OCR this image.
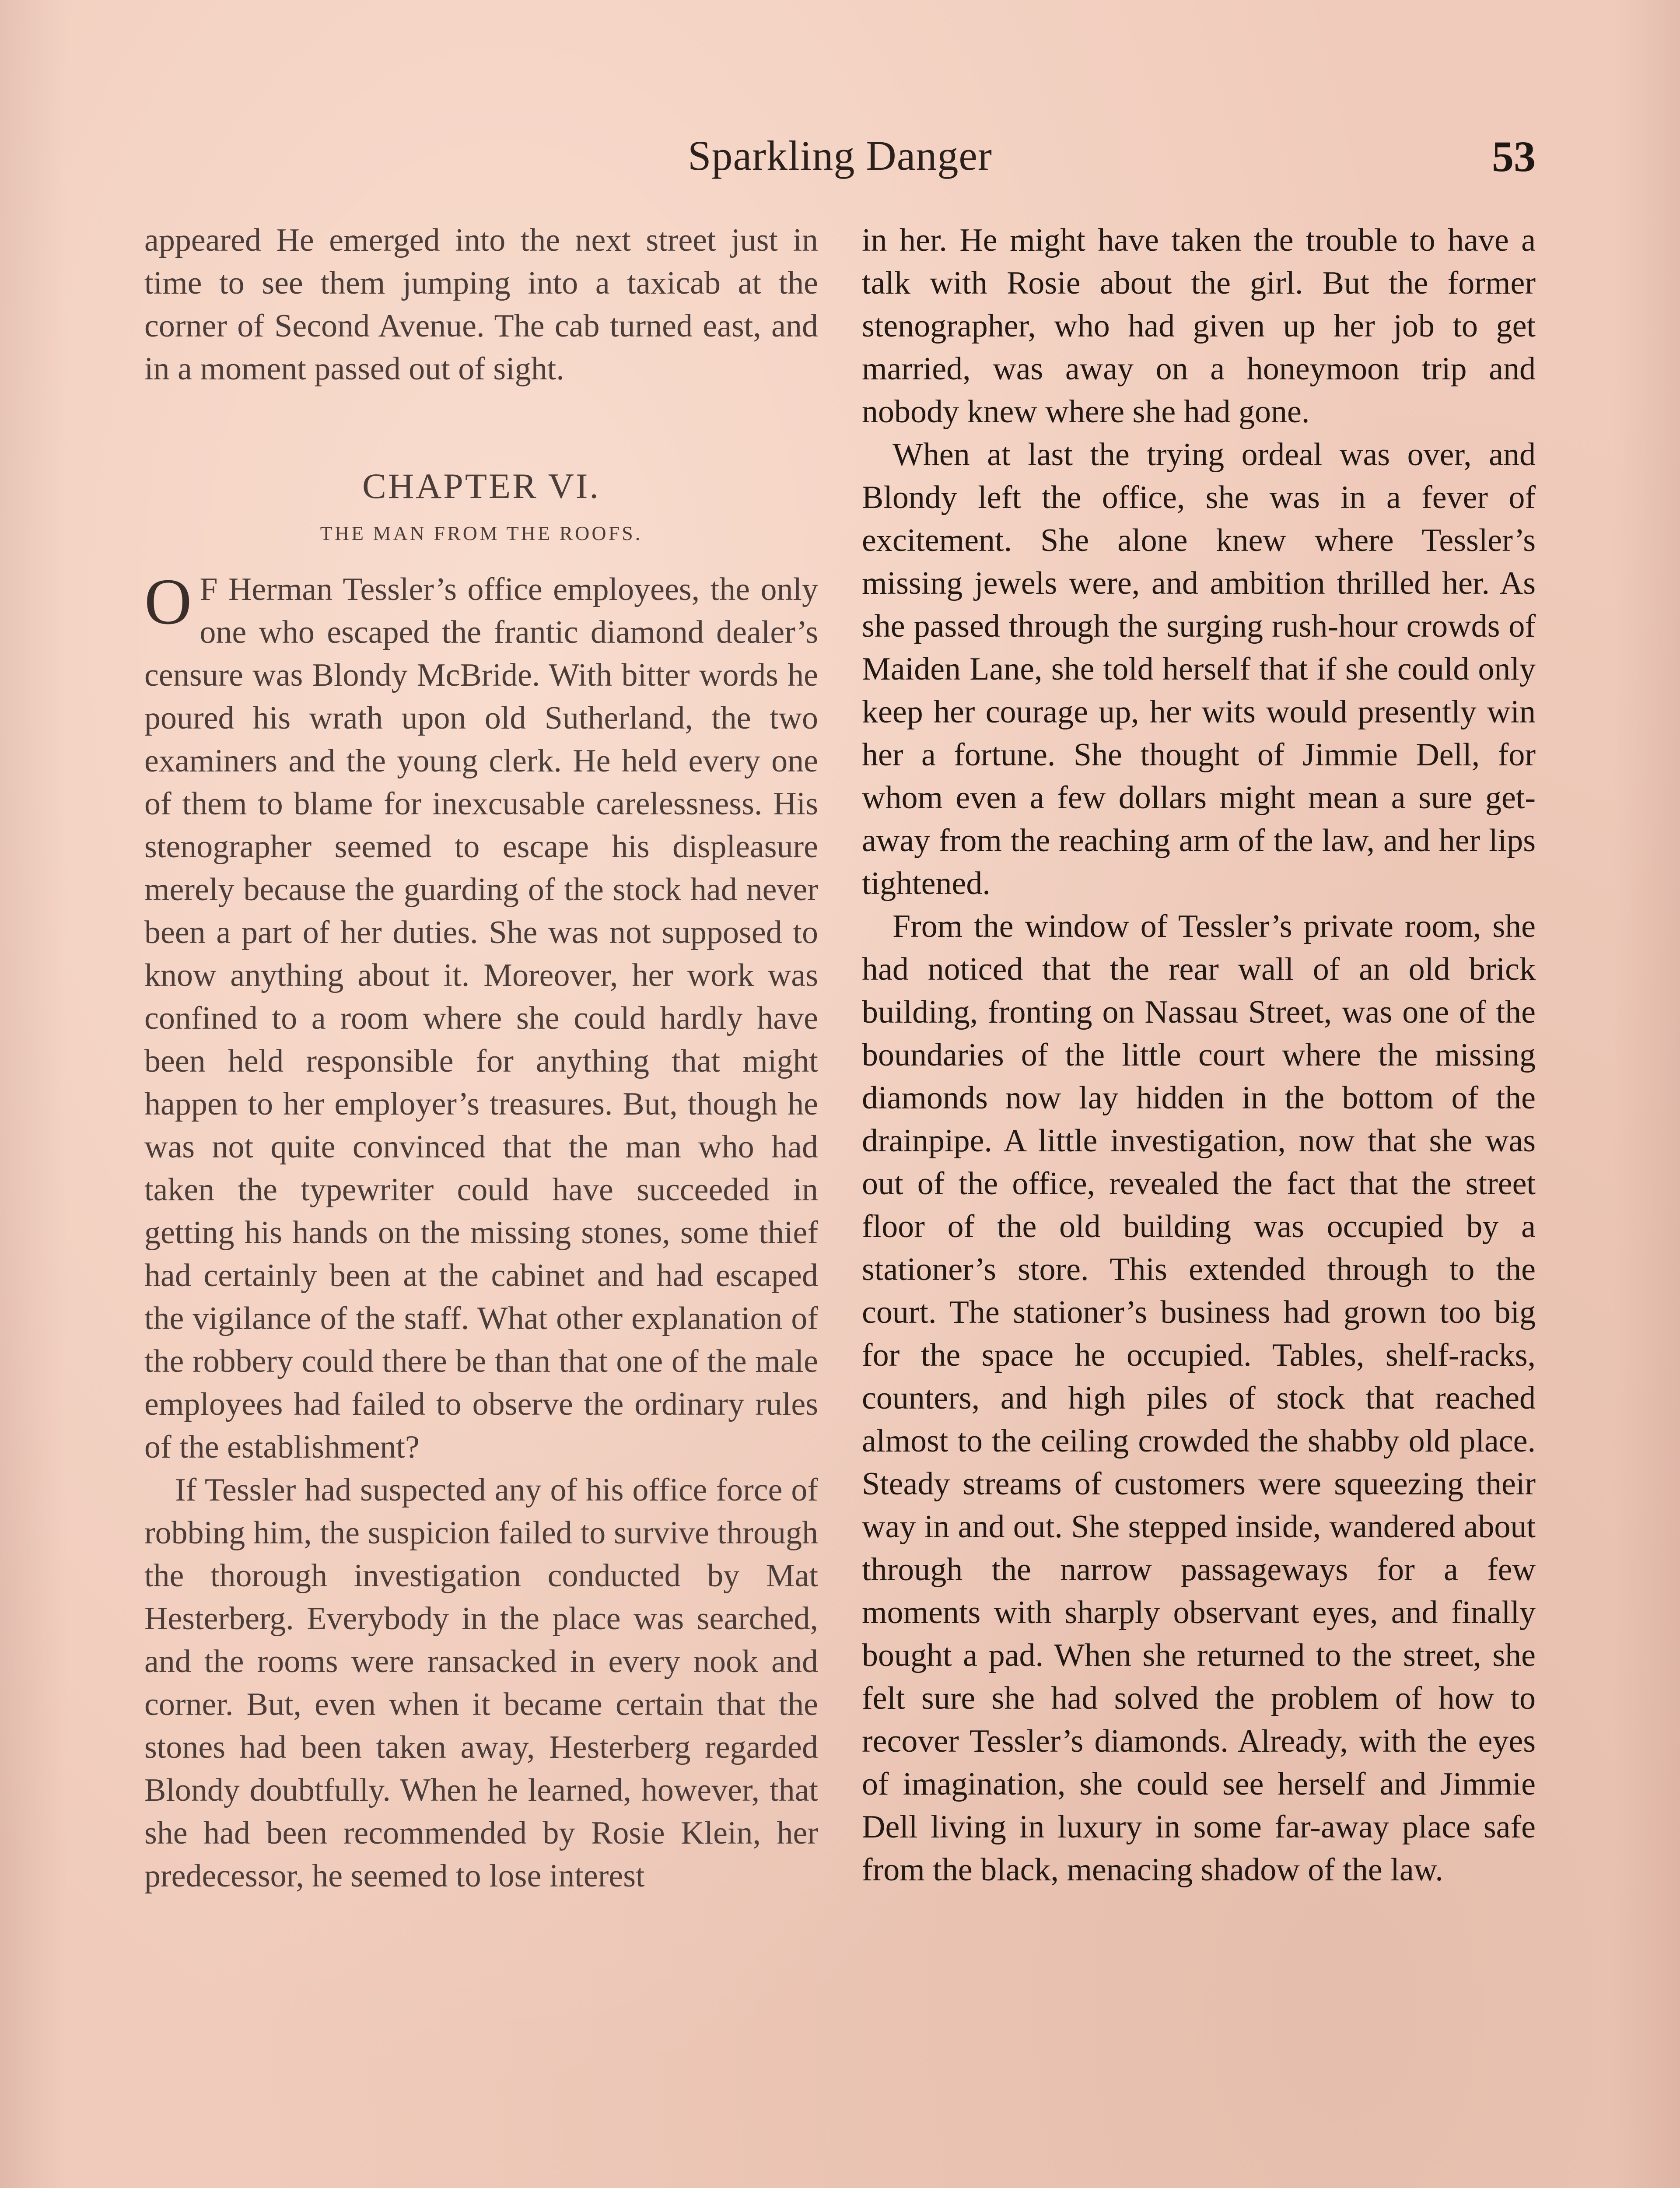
Sparkling Danger	53

appeared He emerged into the next street just in time to see them jumping into a taxicab at the corner of Second Avenue. The cab turned east, and in a moment passed out of sight.

CHAPTER VI.
THE MAN FROM THE ROOFS.

O F Herman Tessler’s office employees, the only one who escaped the frantic diamond dealer’s censure was Blondy McBride. With bitter words he poured his wrath upon old Sutherland, the two examiners and the young clerk. He held every one of them to blame for inexcusable carelessness. His stenographer seemed to escape his displeasure merely because the guarding of the stock had never been a part of her duties. She was not supposed to know anything about it. Moreover, her work was confined to a room where she could hardly have been held responsible for anything that might happen to her employer’s treasures. But, though he was not quite convinced that the man who had taken the typewriter could have succeeded in getting his hands on the missing stones, some thief had certainly been at the cabinet and had escaped the vigilance of the staff. What other explanation of the robbery could there be than that one of the male employees had failed to observe the ordinary rules of the establishment?

If Tessler had suspected any of his office force of robbing him, the suspicion failed to survive through the thorough investigation conducted by Mat Hesterberg. Everybody in the place was searched, and the rooms were ransacked in every nook and corner. But, even when it became certain that the stones had been taken away, Hesterberg regarded Blondy doubtfully. When he learned, however, that she had been recommended by Rosie Klein, her predecessor, he seemed to lose interest

in her. He might have taken the trouble to have a talk with Rosie about the girl. But the former stenographer, who had given up her job to get married, was away on a honeymoon trip and nobody knew where she had gone.

When at last the trying ordeal was over, and Blondy left the office, she was in a fever of excitement. She alone knew where Tessler’s missing jewels were, and ambition thrilled her. As she passed through the surging rush-hour crowds of Maiden Lane, she told herself that if she could only keep her courage up, her wits would presently win her a fortune. She thought of Jimmie Dell, for whom even a few dollars might mean a sure get-away from the reaching arm of the law, and her lips tightened.

From the window of Tessler’s private room, she had noticed that the rear wall of an old brick building, fronting on Nassau Street, was one of the boundaries of the little court where the missing diamonds now lay hidden in the bottom of the drainpipe. A little investigation, now that she was out of the office, revealed the fact that the street floor of the old building was occupied by a stationer’s store. This extended through to the court. The stationer’s business had grown too big for the space he occupied. Tables, shelf-racks, counters, and high piles of stock that reached almost to the ceiling crowded the shabby old place. Steady streams of customers were squeezing their way in and out. She stepped inside, wandered about through the narrow passageways for a few moments with sharply observant eyes, and finally bought a pad. When she returned to the street, she felt sure she had solved the problem of how to recover Tessler’s diamonds. Already, with the eyes of imagination, she could see herself and Jimmie Dell living in luxury in some far-away place safe from the black, menacing shadow of the law.
